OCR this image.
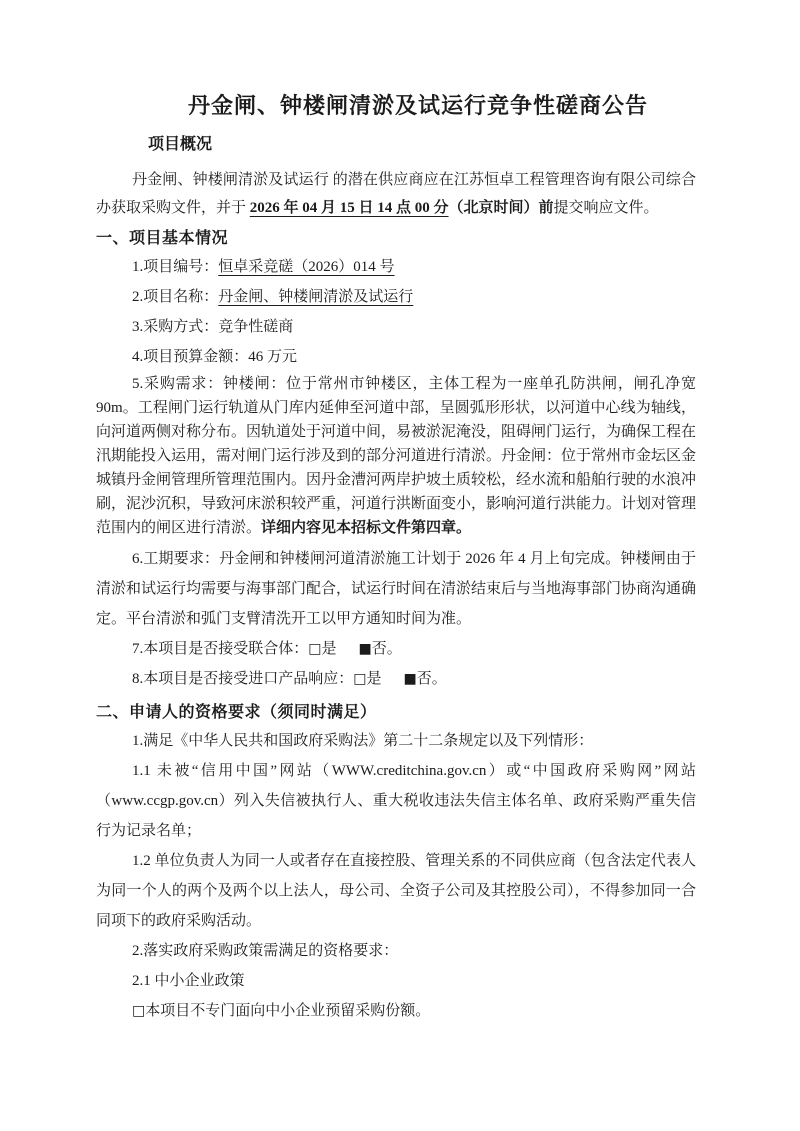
丹金闸、钟楼闸清淤及试运行竞争性磋商公告
项目概况

丹金闸、钟楼闸清淤及试运行 的潜在供应商应在江苏恒卓工程管理咨询有限公司综合办获取采购文件，并于 2026 年 04 月 15 日 14 点 00 分（北京时间）前提交响应文件。

一、项目基本情况

1.项目编号：恒卓采竞磋（2026）014 号

2.项目名称：丹金闸、钟楼闸清淤及试运行

3.采购方式：竞争性磋商

4.项目预算金额：46 万元

5.采购需求：钟楼闸：位于常州市钟楼区，主体工程为一座单孔防洪闸，闸孔净宽 90m。工程闸门运行轨道从门库内延伸至河道中部，呈圆弧形形状，以河道中心线为轴线，向河道两侧对称分布。因轨道处于河道中间，易被淤泥淹没，阻碍闸门运行，为确保工程在汛期能投入运用，需对闸门运行涉及到的部分河道进行清淤。丹金闸：位于常州市金坛区金城镇丹金闸管理所管理范围内。因丹金漕河两岸护坡土质较松，经水流和船舶行驶的水浪冲刷，泥沙沉积，导致河床淤积较严重，河道行洪断面变小，影响河道行洪能力。计划对管理范围内的闸区进行清淤。详细内容见本招标文件第四章。

6.工期要求：丹金闸和钟楼闸河道清淤施工计划于 2026 年 4 月上旬完成。钟楼闸由于清淤和试运行均需要与海事部门配合，试运行时间在清淤结束后与当地海事部门协商沟通确定。平台清淤和弧门支臂清洗开工以甲方通知时间为准。

7.本项目是否接受联合体：□是 ■否。

8.本项目是否接受进口产品响应：□是 ■否。

二、申请人的资格要求（须同时满足）

1.满足《中华人民共和国政府采购法》第二十二条规定以及下列情形：

1.1 未被“信用中国”网站（WWW.creditchina.gov.cn）或“中国政府采购网”网站（www.ccgp.gov.cn）列入失信被执行人、重大税收违法失信主体名单、政府采购严重失信行为记录名单；

1.2 单位负责人为同一人或者存在直接控股、管理关系的不同供应商（包含法定代表人为同一个人的两个及两个以上法人，母公司、全资子公司及其控股公司），不得参加同一合同项下的政府采购活动。

2.落实政府采购政策需满足的资格要求：

2.1 中小企业政策

□本项目不专门面向中小企业预留采购份额。
